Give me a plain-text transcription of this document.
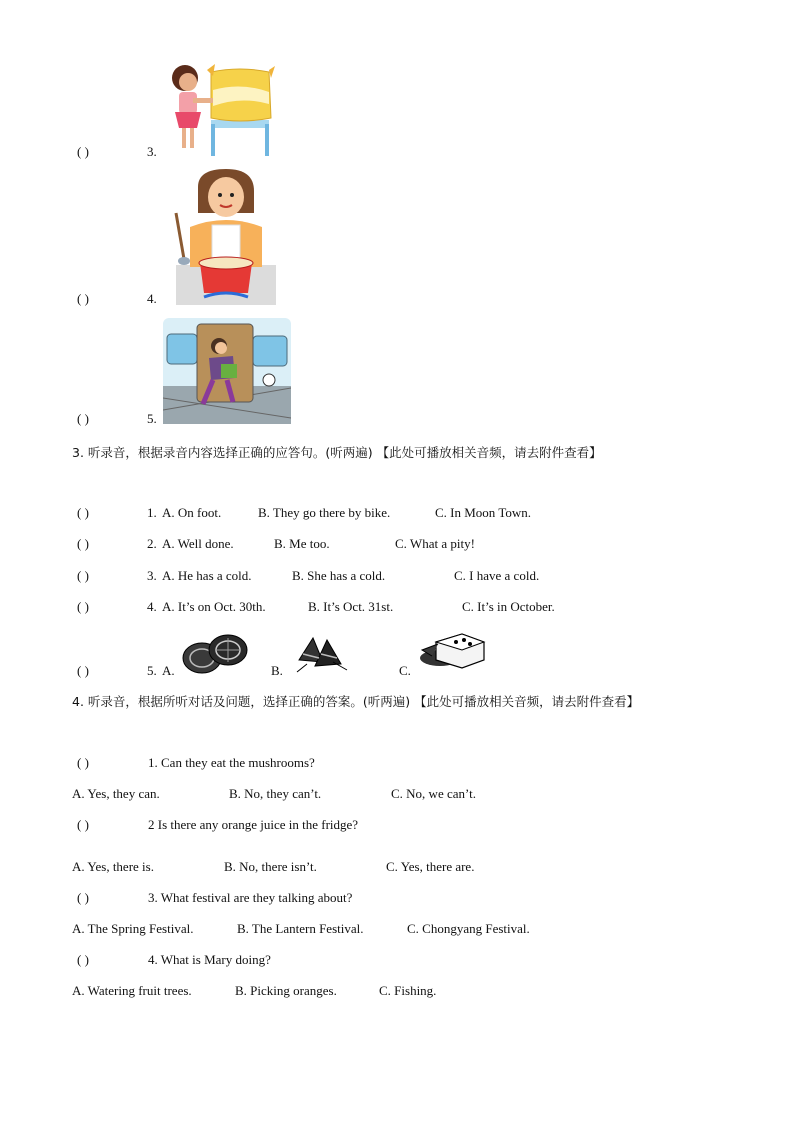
( )	3.
( )	4.
( )	5.
3. 听录音，根据录音内容选择正确的应答句。(听两遍) 【此处可播放相关音频，请去附件查看】
( )	1. A. On foot.	B. They go there by bike.	C. In Moon Town.
( )	2. A. Well done.	B. Me too.	C. What a pity!
( )	3. A. He has a cold.	B. She has a cold.	C. I have a cold.
( )	4. A. It’s on Oct. 30th.	B. It’s Oct. 31st.	C. It’s in October.
( )	5. A.	B.	C.
4. 听录音，根据所听对话及问题，选择正确的答案。(听两遍) 【此处可播放相关音频，请去附件查看】
( )	1. Can they eat the mushrooms?
A. Yes, they can.	B. No, they can’t.	C. No, we can’t.
( )	2 Is there any orange juice in the fridge?
A. Yes, there is.	B. No, there isn’t.	C. Yes, there are.
( )	3. What festival are they talking about?
A. The Spring Festival.	B. The Lantern Festival.	C. Chongyang Festival.
( )	4. What is Mary doing?
A. Watering fruit trees.	B. Picking oranges.	C. Fishing.
